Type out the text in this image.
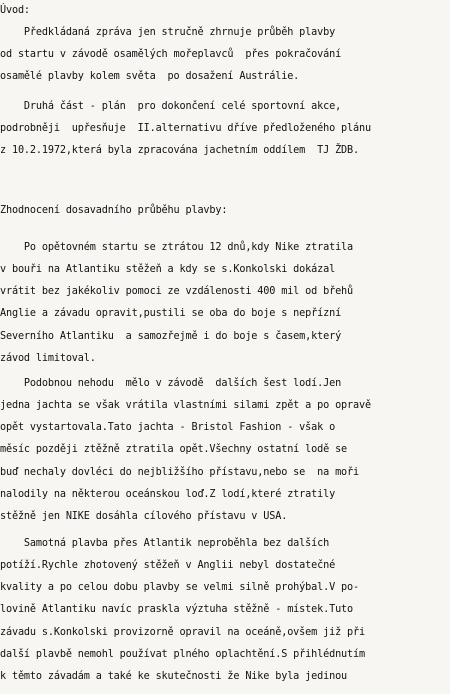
Úvod:
Předkládaná zpráva jen stručně zhrnuje průběh plavby
od startu v závodě osamělých mořeplavců  přes pokračování
osamělé plavby kolem světa  po dosažení Austrálie.
Druhá část - plán  pro dokončení celé sportovní akce,
podrobněji  upřesňuje  II.alternativu dříve předloženého plánu
z 10.2.1972,která byla zpracována jachetním oddílem  TJ ŽDB.
Zhodnocení dosavadního průběhu plavby:
Po opětovném startu se ztrátou 12 dnů,kdy Nike ztratila
v bouři na Atlantiku stěžeň a kdy se s.Konkolski dokázal
vrátit bez jakékoliv pomoci ze vzdálenosti 400 mil od břehů
Anglie a závadu opravit,pustili se oba do boje s nepřízní
Severního Atlantiku  a samozřejmě i do boje s časem,který
závod limitoval.
Podobnou nehodu  mělo v závodě  dalších šest lodí.Jen
jedna jachta se však vrátila vlastními silami zpět a po opravě
opět vystartovala.Tato jachta - Bristol Fashion - však o
měsíc později ztěžně ztratila opět.Všechny ostatní lodě se
buď nechaly dovléci do nejbližšího přístavu,nebo se  na moři
nalodily na některou oceánskou loď.Z lodí,které ztratily
stěžně jen NIKE dosáhla cílového přístavu v USA.
Samotná plavba přes Atlantik neproběhla bez dalších
potíží.Rychle zhotovený stěžeň v Anglii nebyl dostatečné
kvality a po celou dobu plavby se velmi silně prohýbal.V po-
lovině Atlantiku navíc praskla výztuha stěžně - místek.Tuto
závadu s.Konkolski provizorně opravil na oceáně,ovšem již při
další plavbě nemohl používat plného oplachtění.S přihlédnutím
k těmto závadám a také ke skutečnosti že Nike byla jedinou
